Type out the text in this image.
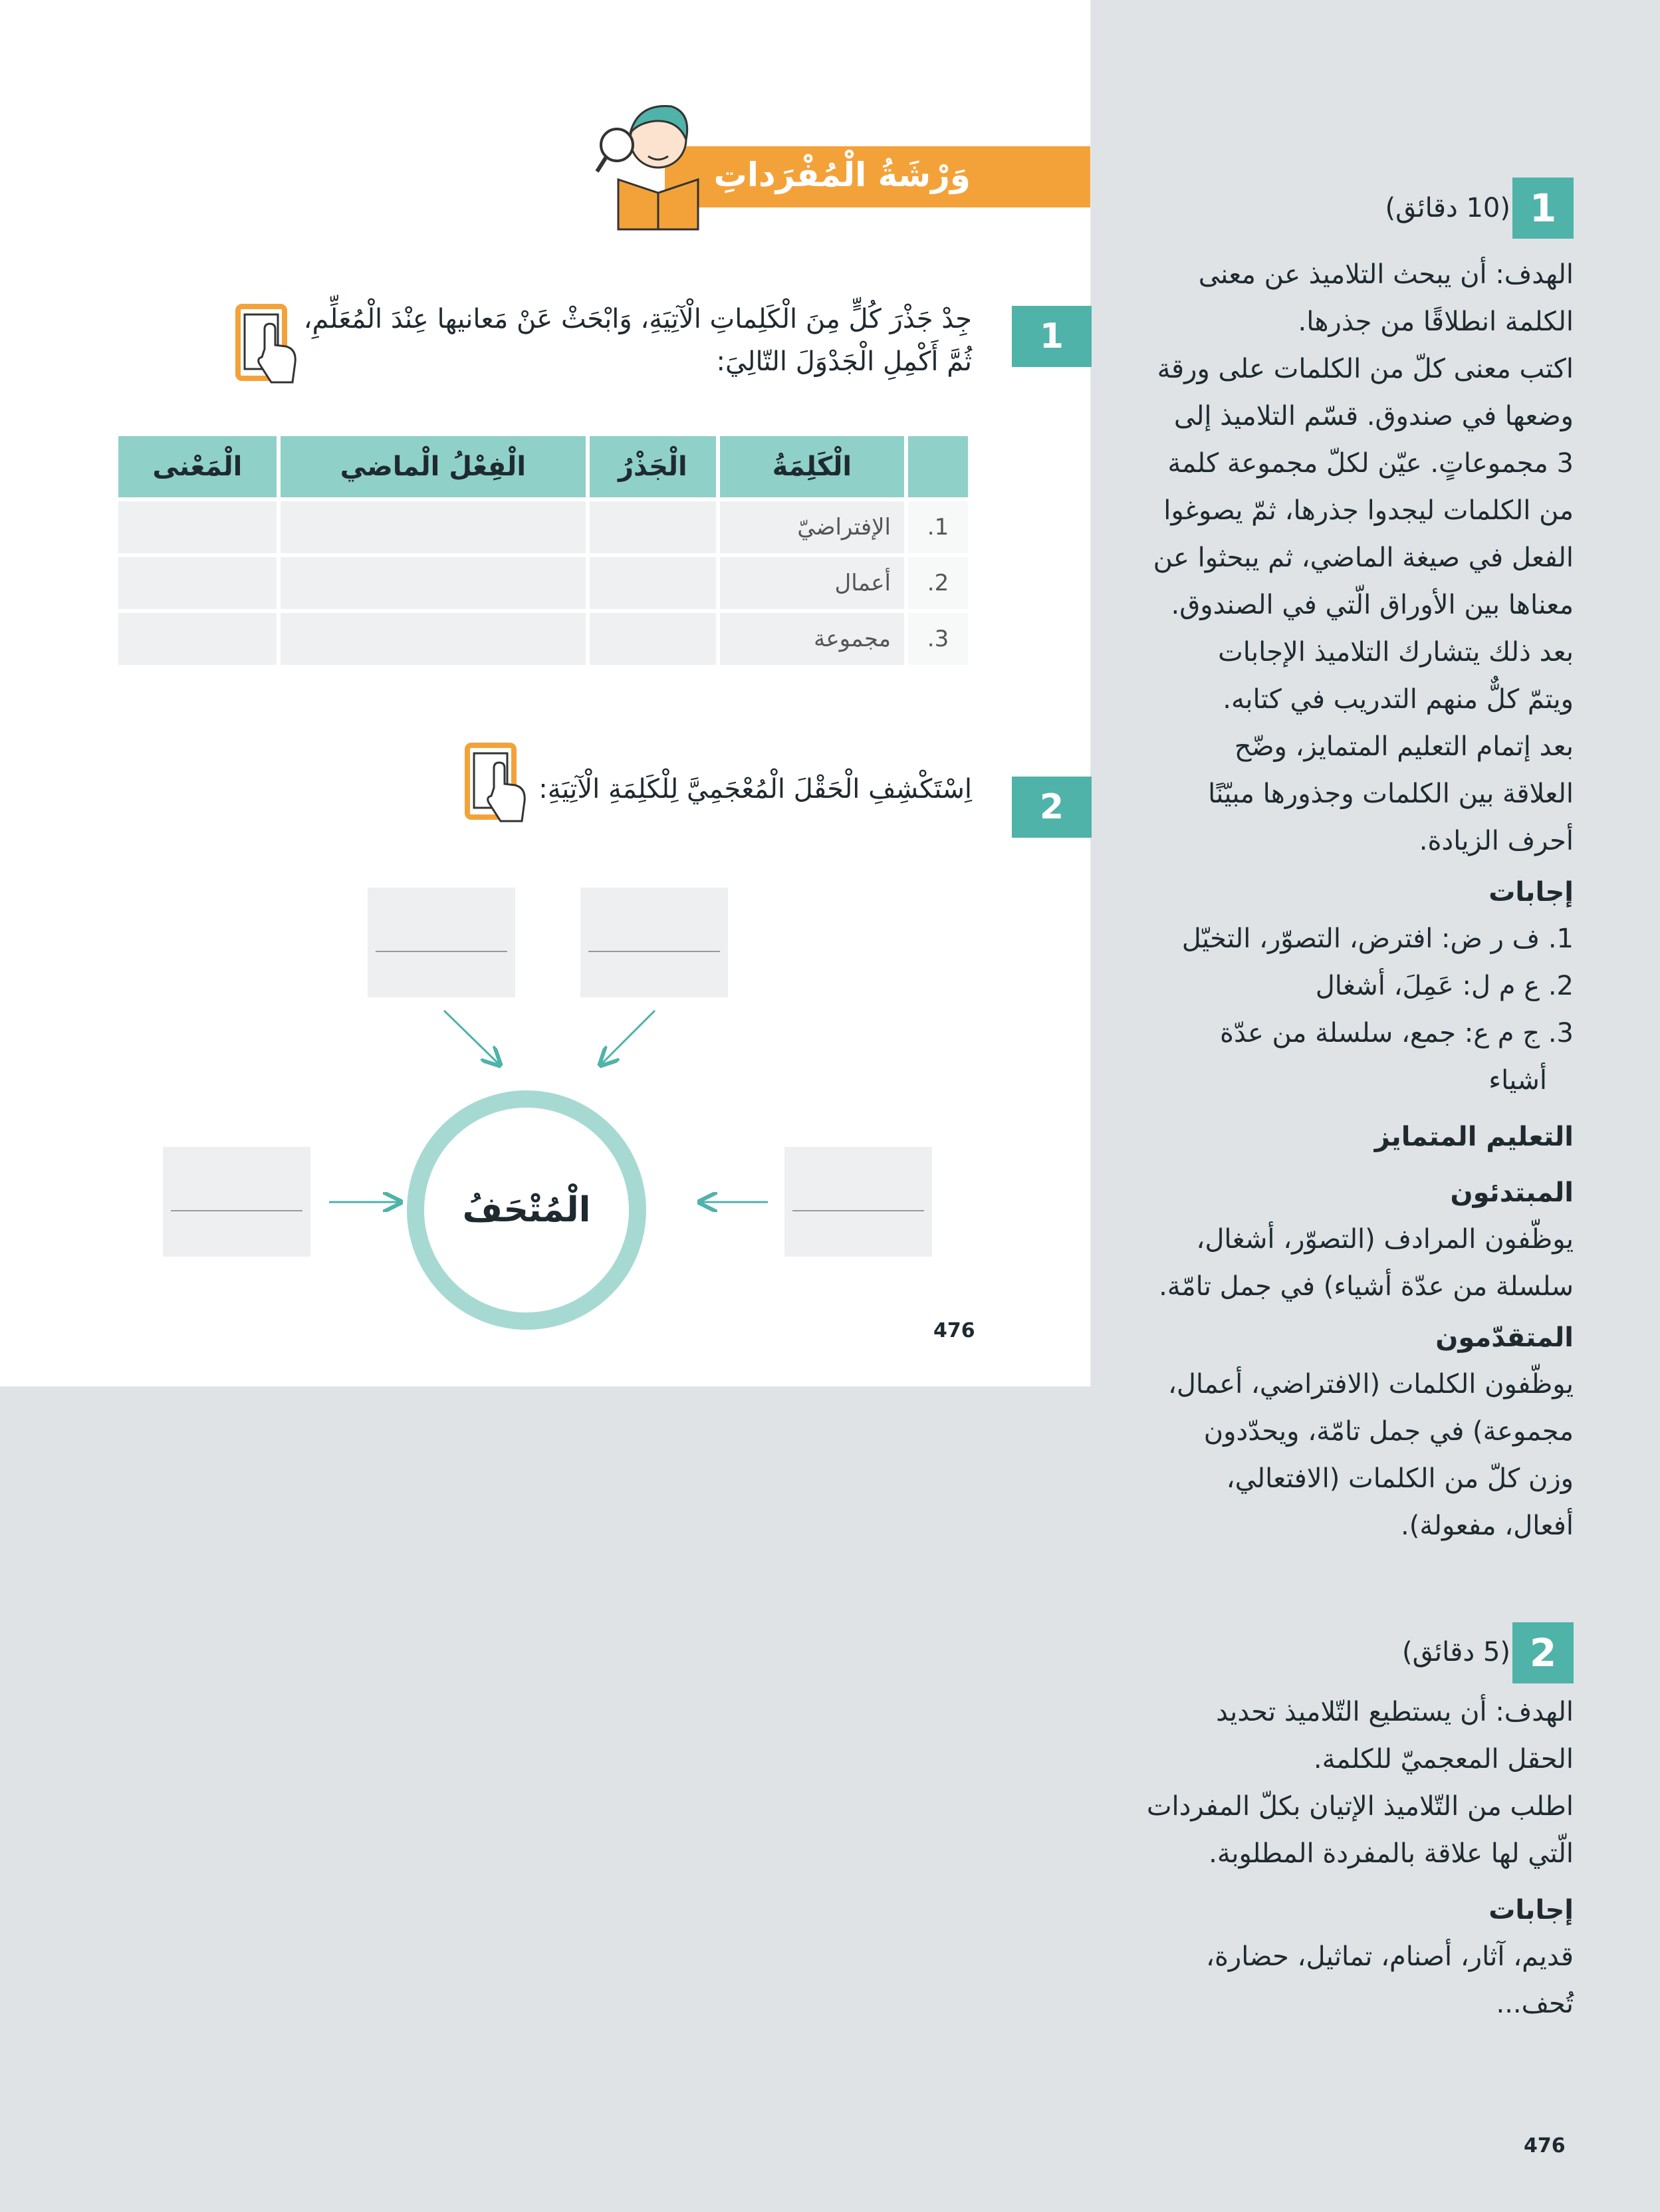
وَرْشَةُ الْمُفْرَداتِ
1
جِدْ جَذْرَ كُلٍّ مِنَ الْكَلِماتِ الْآتِيَةِ، وَابْحَثْ عَنْ مَعانيها عِنْدَ الْمُعَلِّمِ،
ثُمَّ أَكْمِلِ الْجَدْوَلَ التّالِيَ:
	الْكَلِمَةُ	الْجَذْرُ	الْفِعْلُ الْماضي	الْمَعْنى
1.	الإفتراضيّ			
2.	أعمال			
3.	مجموعة			
2
اِسْتَكْشِفِ الْحَقْلَ الْمُعْجَمِيَّ لِلْكَلِمَةِ الْآتِيَةِ:
الْمُتْحَفُ
476
1
(10 دقائق)
الهدف: أن يبحث التلاميذ عن معنى
الكلمة انطلاقًا من جذرها.
اكتب معنى كلّ من الكلمات على ورقة
وضعها في صندوق. قسّم التلاميذ إلى
3 مجموعاتٍ. عيّن لكلّ مجموعة كلمة
من الكلمات ليجدوا جذرها، ثمّ يصوغوا
الفعل في صيغة الماضي، ثم يبحثوا عن
معناها بين الأوراق الّتي في الصندوق.
بعد ذلك يتشارك التلاميذ الإجابات
ويتمّ كلٌّ منهم التدريب في كتابه.
بعد إتمام التعليم المتمايز، وضّح
العلاقة بين الكلمات وجذورها مبيّنًا
أحرف الزيادة.
إجابات
1. ف ر ض: افترض، التصوّر، التخيّل
2. ع م ل: عَمِلَ، أشغال
3. ج م ع: جمع، سلسلة من عدّة
أشياء
التعليم المتمايز
المبتدئون
يوظّفون المرادف (التصوّر، أشغال،
سلسلة من عدّة أشياء) في جمل تامّة.
المتقدّمون
يوظّفون الكلمات (الافتراضي، أعمال،
مجموعة) في جمل تامّة، ويحدّدون
وزن كلّ من الكلمات (الافتعالي،
أفعال، مفعولة).
2
(5 دقائق)
الهدف: أن يستطيع التّلاميذ تحديد
الحقل المعجميّ للكلمة.
اطلب من التّلاميذ الإتيان بكلّ المفردات
الّتي لها علاقة بالمفردة المطلوبة.
إجابات
قديم، آثار، أصنام، تماثيل، حضارة،
تُحف...
476
